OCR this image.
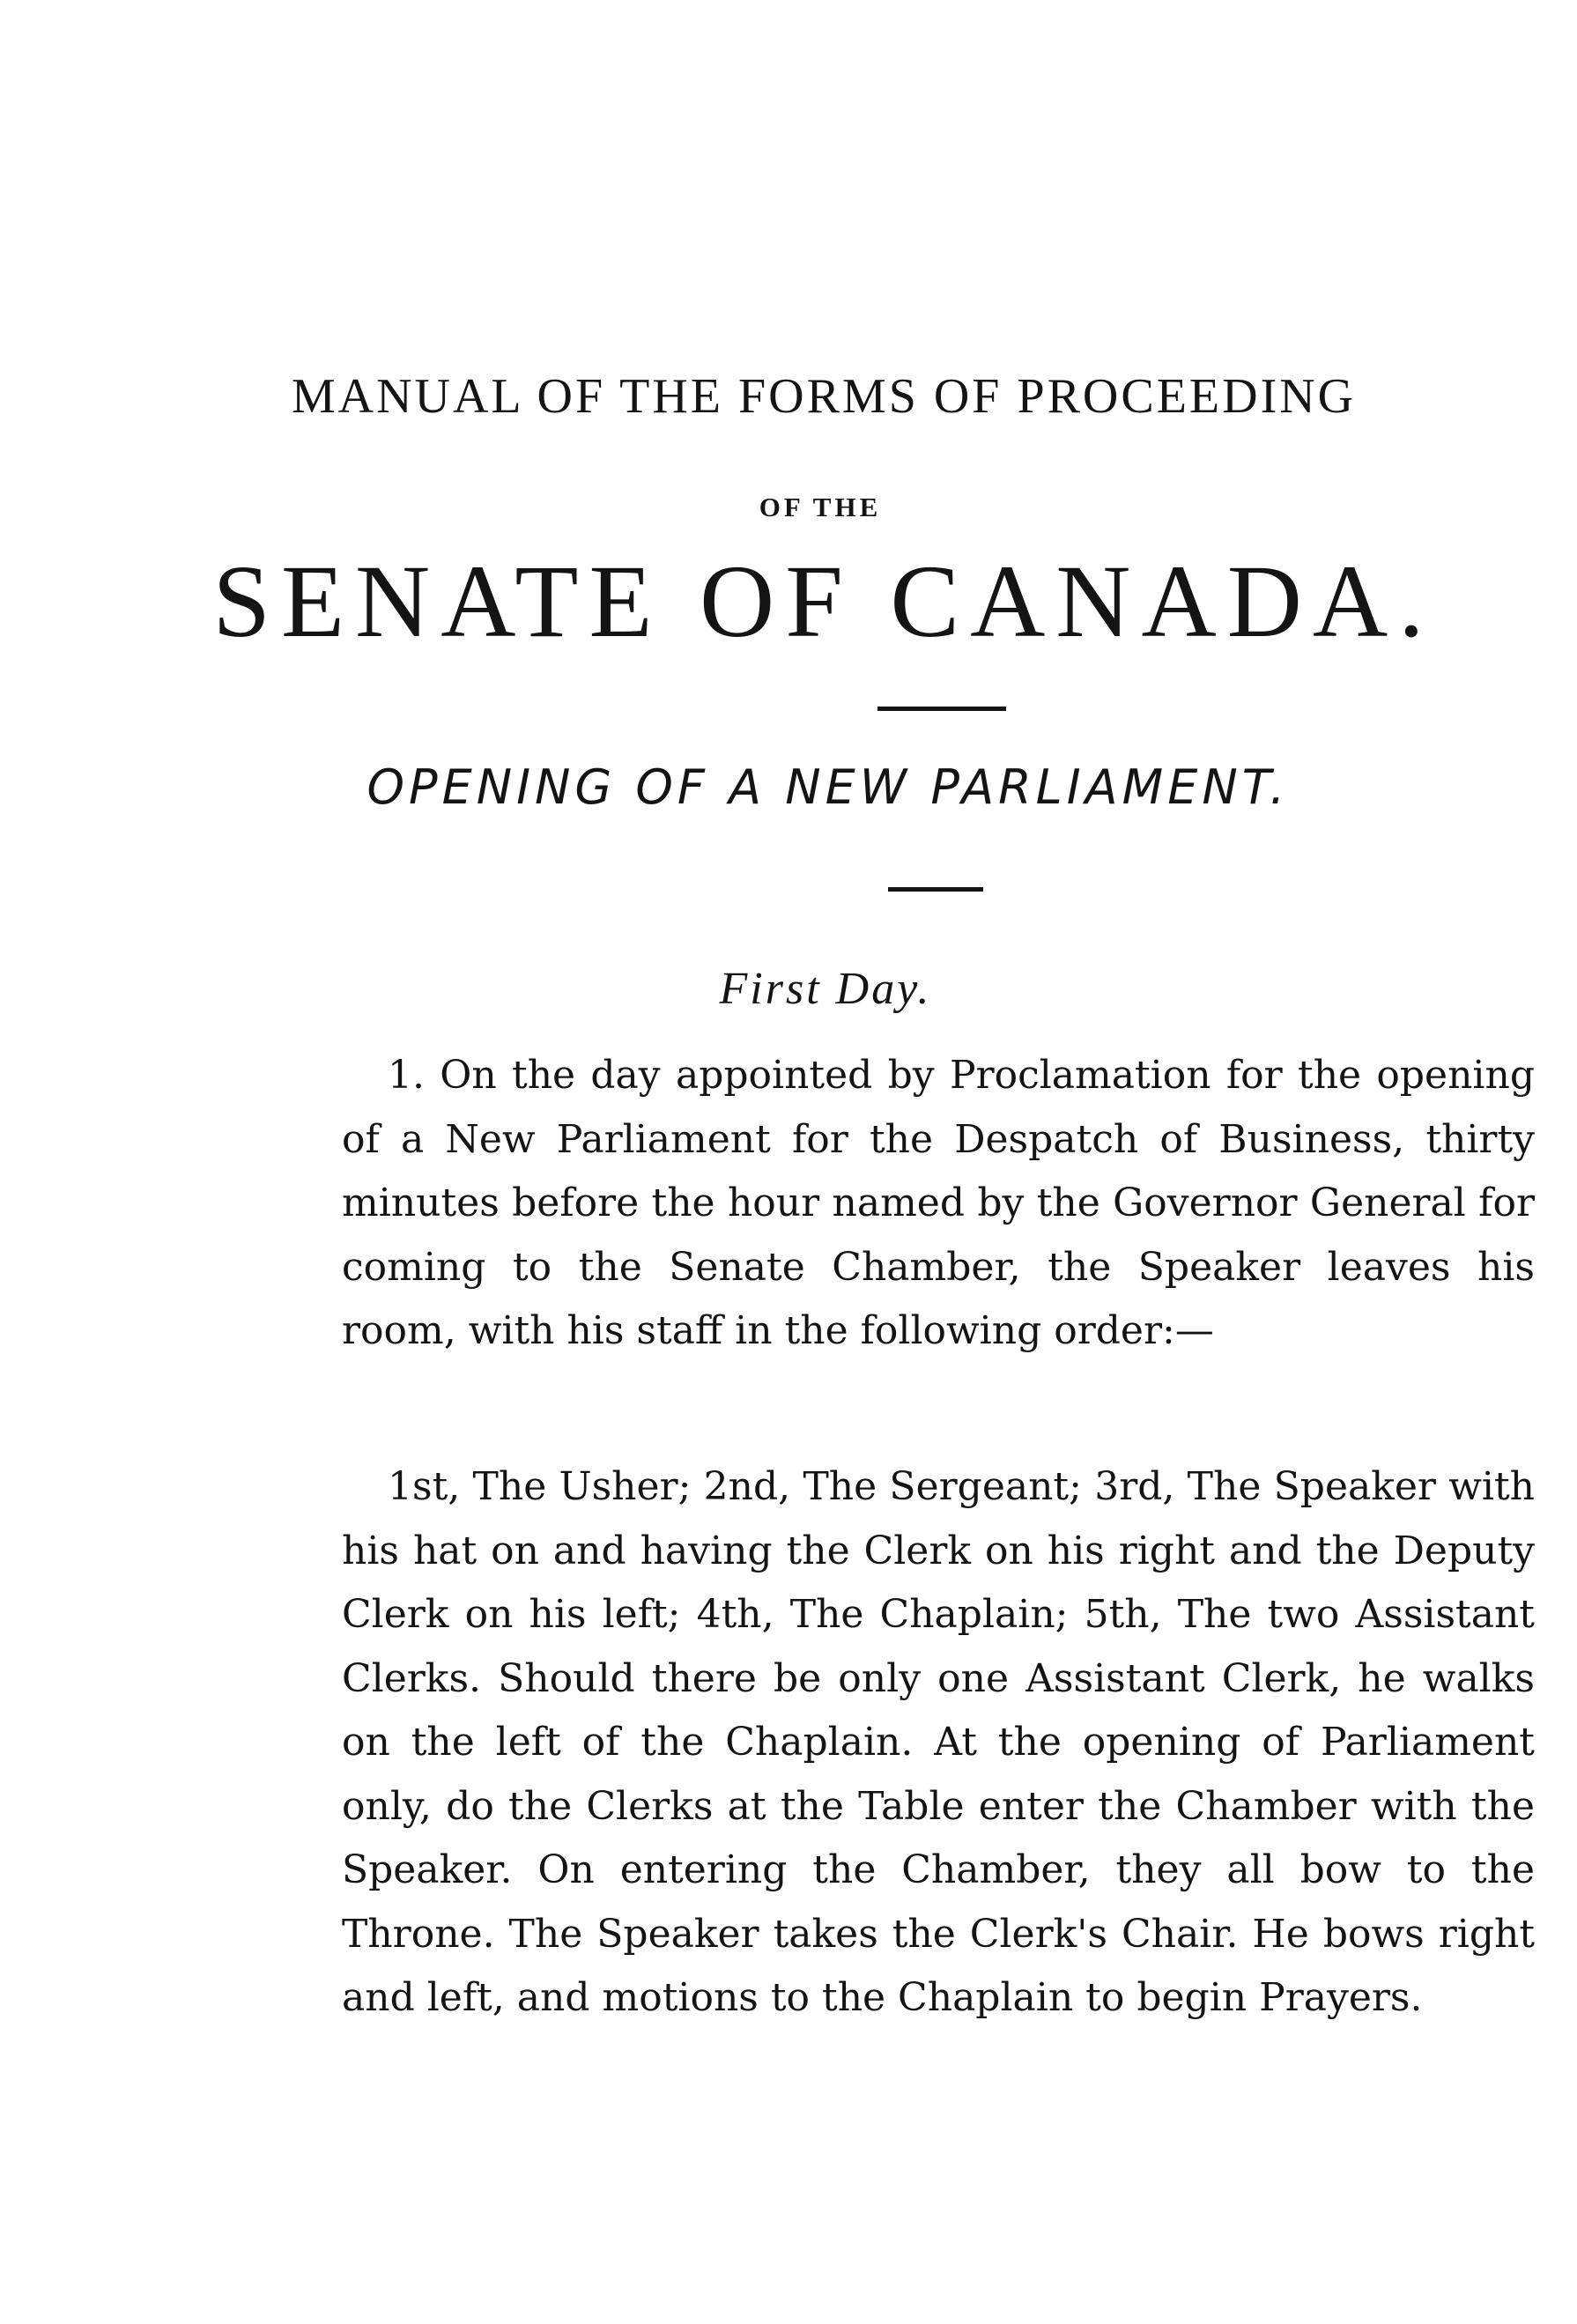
MANUAL OF THE FORMS OF PROCEEDING
OF THE
SENATE OF CANADA.
OPENING OF A NEW PARLIAMENT.
First Day.

1. On the day appointed by Proclamation for the opening of a New Parliament for the Despatch of Business, thirty minutes before the hour named by the Governor General for coming to the Senate Chamber, the Speaker leaves his room, with his staff in the following order:—

1st, The Usher; 2nd, The Sergeant; 3rd, The Speaker with his hat on and having the Clerk on his right and the Deputy Clerk on his left; 4th, The Chaplain; 5th, The two Assistant Clerks. Should there be only one Assistant Clerk, he walks on the left of the Chaplain. At the opening of Parliament only, do the Clerks at the Table enter the Chamber with the Speaker. On entering the Chamber, they all bow to the Throne. The Speaker takes the Clerk's Chair. He bows right and left, and motions to the Chaplain to begin Prayers.
